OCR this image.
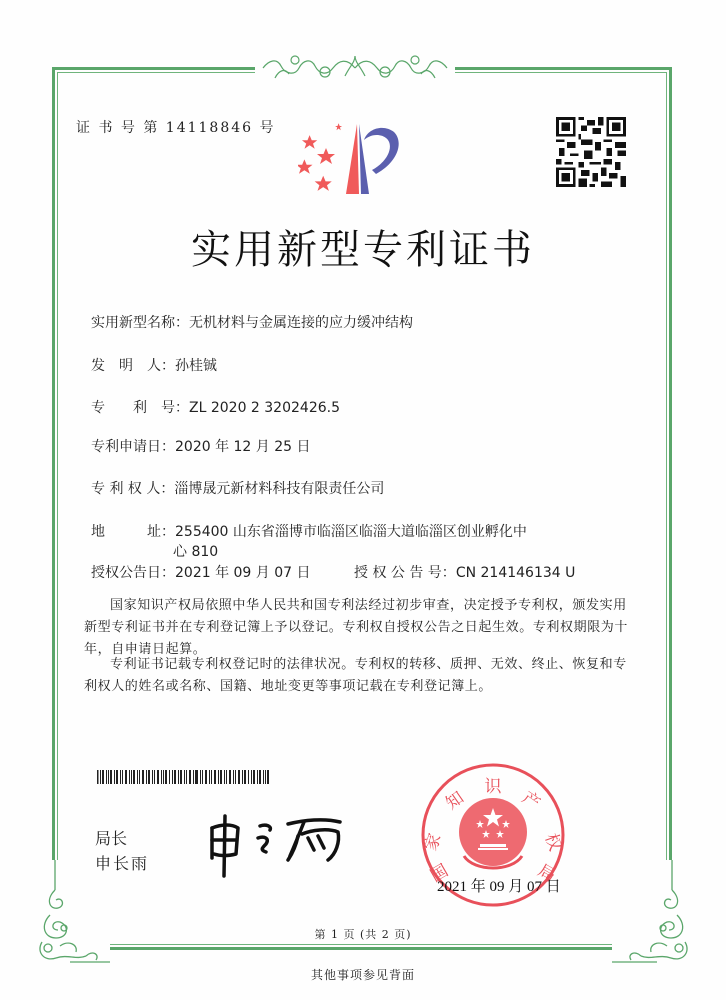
证 书 号 第 14118846 号
实用新型专利证书
实用新型名称：无机材料与金属连接的应力缓冲结构
发　明　人：孙桂铖
专　　利　号：ZL 2020 2 3202426.5
专利申请日：2020 年 12 月 25 日
专 利 权 人：淄博晟元新材料科技有限责任公司
地　　　址：255400 山东省淄博市临淄区临淄大道临淄区创业孵化中
心 810
授权公告日：2021 年 09 月 07 日	授 权 公 告 号：CN 214146134 U
国家知识产权局依照中华人民共和国专利法经过初步审查，决定授予专利权，颁发实用新型专利证书并在专利登记簿上予以登记。专利权自授权公告之日起生效。专利权期限为十年，自申请日起算。
专利证书记载专利权登记时的法律状况。专利权的转移、质押、无效、终止、恢复和专利权人的姓名或名称、国籍、地址变更等事项记载在专利登记簿上。
局长
申长雨	国
家
知
识
产
权
局
2021 年 09 月 07 日
第 1 页 (共 2 页)
其他事项参见背面
